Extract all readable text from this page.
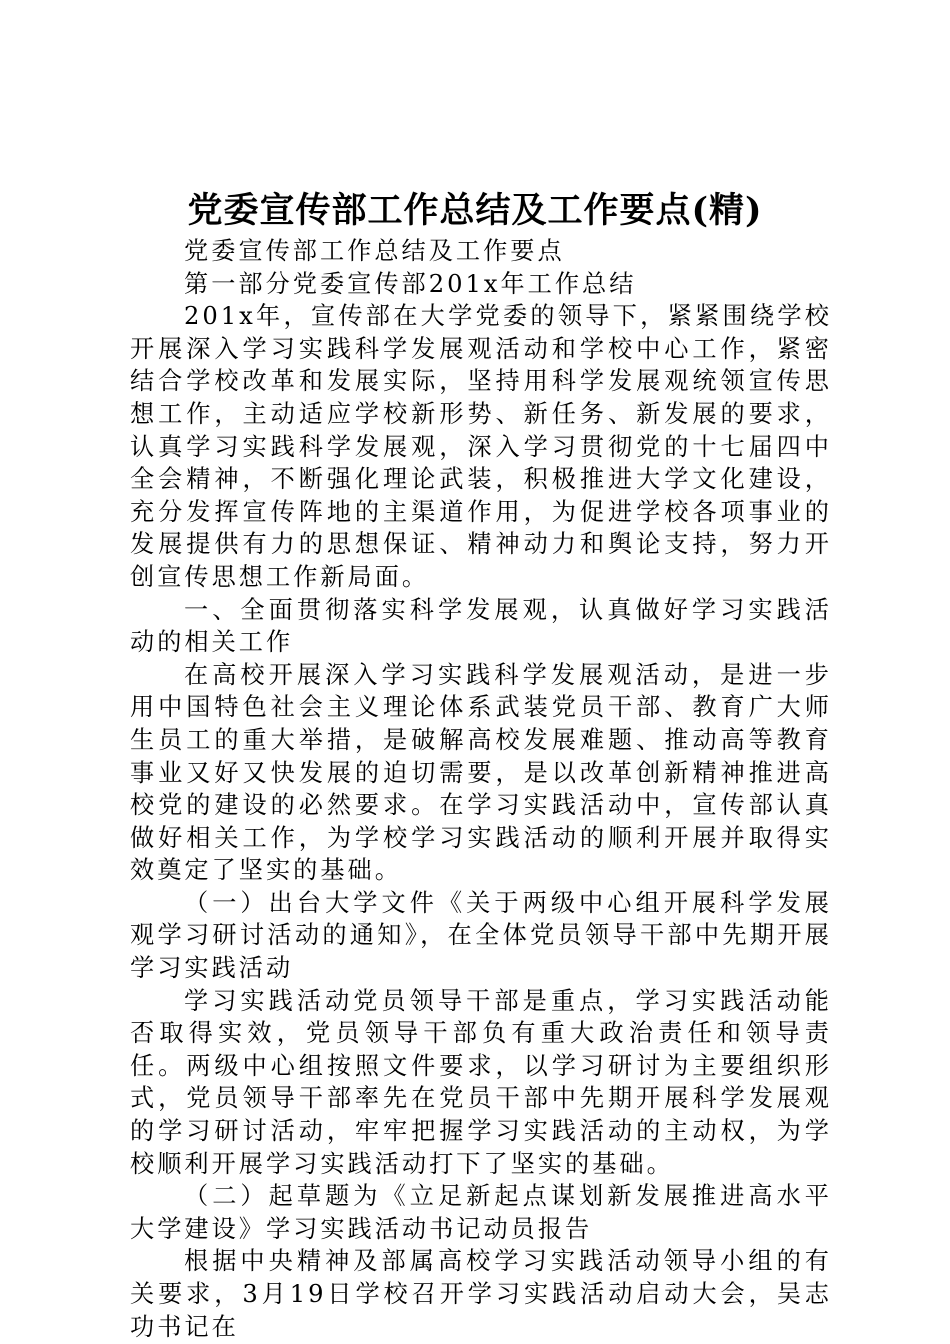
党委宣传部工作总结及工作要点(精)

党委宣传部工作总结及工作要点

第一部分党委宣传部201x年工作总结

201x年，宣传部在大学党委的领导下，紧紧围绕学校开展深入学习实践科学发展观活动和学校中心工作，紧密结合学校改革和发展实际，坚持用科学发展观统领宣传思想工作，主动适应学校新形势、新任务、新发展的要求，认真学习实践科学发展观，深入学习贯彻党的十七届四中全会精神，不断强化理论武装，积极推进大学文化建设，充分发挥宣传阵地的主渠道作用，为促进学校各项事业的发展提供有力的思想保证、精神动力和舆论支持，努力开创宣传思想工作新局面。

一、全面贯彻落实科学发展观，认真做好学习实践活动的相关工作

在高校开展深入学习实践科学发展观活动，是进一步用中国特色社会主义理论体系武装党员干部、教育广大师生员工的重大举措，是破解高校发展难题、推动高等教育事业又好又快发展的迫切需要，是以改革创新精神推进高校党的建设的必然要求。在学习实践活动中，宣传部认真做好相关工作，为学校学习实践活动的顺利开展并取得实效奠定了坚实的基础。

（一）出台大学文件《关于两级中心组开展科学发展观学习研讨活动的通知》，在全体党员领导干部中先期开展学习实践活动

学习实践活动党员领导干部是重点，学习实践活动能否取得实效，党员领导干部负有重大政治责任和领导责任。两级中心组按照文件要求，以学习研讨为主要组织形式，党员领导干部率先在党员干部中先期开展科学发展观的学习研讨活动，牢牢把握学习实践活动的主动权，为学校顺利开展学习实践活动打下了坚实的基础。

（二）起草题为《立足新起点谋划新发展推进高水平大学建设》学习实践活动书记动员报告

根据中央精神及部属高校学习实践活动领导小组的有关要求，3月19日学校召开学习实践活动启动大会，吴志功书记在
